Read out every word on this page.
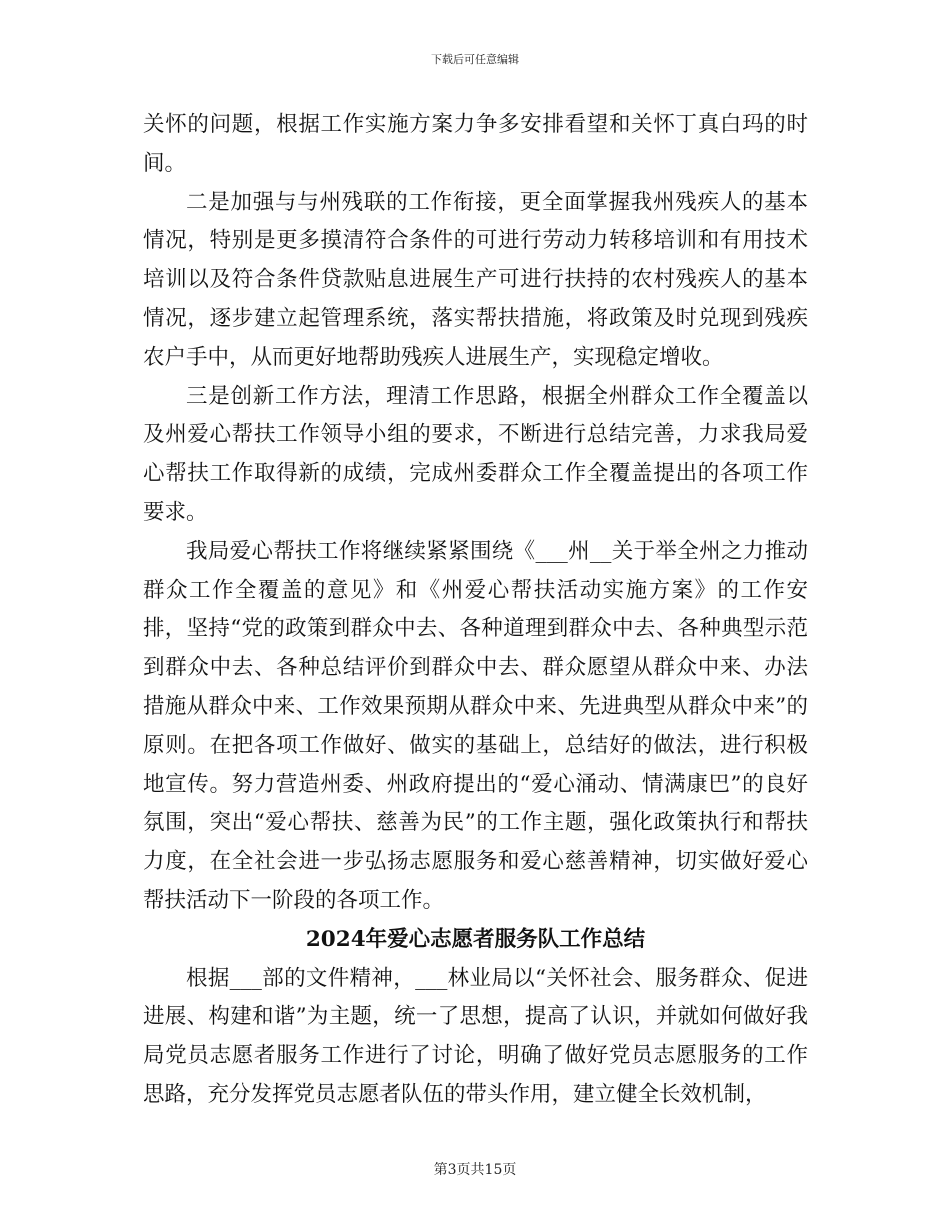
下载后可任意编辑

关怀的问题，根据工作实施方案力争多安排看望和关怀丁真白玛的时间。

二是加强与与州残联的工作衔接，更全面掌握我州残疾人的基本情况，特别是更多摸清符合条件的可进行劳动力转移培训和有用技术培训以及符合条件贷款贴息进展生产可进行扶持的农村残疾人的基本情况，逐步建立起管理系统，落实帮扶措施，将政策及时兑现到残疾农户手中，从而更好地帮助残疾人进展生产，实现稳定增收。

三是创新工作方法，理清工作思路，根据全州群众工作全覆盖以及州爱心帮扶工作领导小组的要求，不断进行总结完善，力求我局爱心帮扶工作取得新的成绩，完成州委群众工作全覆盖提出的各项工作要求。

我局爱心帮扶工作将继续紧紧围绕《___州__关于举全州之力推动群众工作全覆盖的意见》和《州爱心帮扶活动实施方案》的工作安排，坚持“党的政策到群众中去、各种道理到群众中去、各种典型示范到群众中去、各种总结评价到群众中去、群众愿望从群众中来、办法措施从群众中来、工作效果预期从群众中来、先进典型从群众中来”的原则。在把各项工作做好、做实的基础上，总结好的做法，进行积极地宣传。努力营造州委、州政府提出的“爱心涌动、情满康巴”的良好氛围，突出“爱心帮扶、慈善为民”的工作主题，强化政策执行和帮扶力度，在全社会进一步弘扬志愿服务和爱心慈善精神，切实做好爱心帮扶活动下一阶段的各项工作。

2024年爱心志愿者服务队工作总结

根据___部的文件精神，___林业局以“关怀社会、服务群众、促进进展、构建和谐”为主题，统一了思想，提高了认识，并就如何做好我局党员志愿者服务工作进行了讨论，明确了做好党员志愿服务的工作思路，充分发挥党员志愿者队伍的带头作用，建立健全长效机制，

第3页共15页
